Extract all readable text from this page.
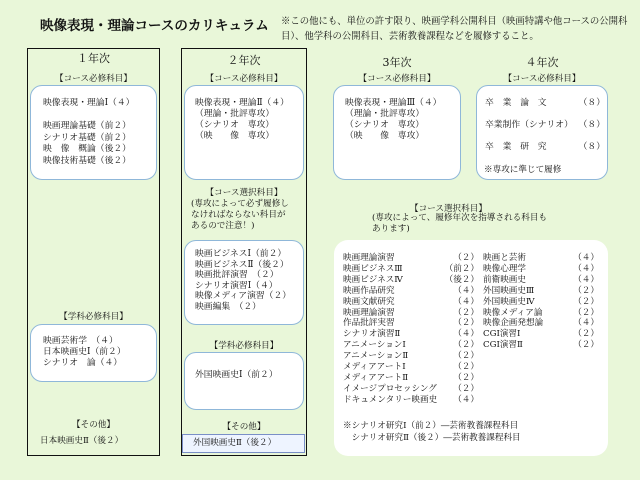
映像表現・理論コースのカリキュラム ※この他にも、単位の許す限り、映画学科公開科目（映画特講や他コースの公開科目）、他学科の公開科目、芸術教養課程などを履修すること。
１年次
【コース必修科目】
映像表現・理論Ⅰ（４）

映画理論基礎（前２）
シナリオ基礎（前２）
映　像　概論（後２）
映像技術基礎（後２）
【学科必修科目】
映画芸術学　（４）
日本映画史Ⅰ（前２）
シナリオ　論（４）
【その他】
日本映画史Ⅱ（後２）
２年次
【コース必修科目】
映像表現・理論Ⅱ（４）
（理論・批評専攻）
（シナリオ　専攻）
（映　　像　専攻）
【コース選択科目】
(専攻によって必ず履修し
なければならない科目が
あるので注意！)
映画ビジネスⅠ（前２）
映画ビジネスⅡ（後２）
映画批評演習　（２）
シナリオ演習Ⅰ（４）
映像メディア演習（２）
映画編集　（２）
【学科必修科目】
外国映画史Ⅰ（前２）
【その他】
外国映画史Ⅱ（後２）
3年次
【コース必修科目】
映像表現・理論Ⅲ（４）
（理論・批評専攻）
（シナリオ　専攻）
（映　　像　専攻）
４年次
【コース必修科目】
卒　業　論　文	（８）
卒業制作（シナリオ） （８）
卒　業　研　究	（８）
※専攻に準じて履修
【コース選択科目】
(専攻によって、履修年次を指導される科目も
あります)
映画理論演習	（２）
映画ビジネスⅢ	（前２）
映画ビジネスⅣ	（後２）
映画作品研究	（４）
映画文献研究	（４）
映画理論演習	（２）
作品批評実習	（２）
シナリオ演習Ⅱ	（４）
アニメーションⅠ	（２）
アニメーションⅡ	（２）
メディアアートⅠ	（２）
メディアアートⅡ	（２）
イメージプロセッシング	（２）
ドキュメンタリー映画史	（４）
映画と芸術	（４）
映像心理学	（４）
前衛映画史	（４）
外国映画史Ⅲ	（２）
外国映画史Ⅳ	（２）
映像メディア論	（２）
映像企画発想論	（４）
CGI演習Ⅰ	（２）
CGI演習Ⅱ	（２）
※シナリオ研究Ⅰ（前２）―芸術教養課程科目
　シナリオ研究Ⅱ（後２）―芸術教養課程科目
